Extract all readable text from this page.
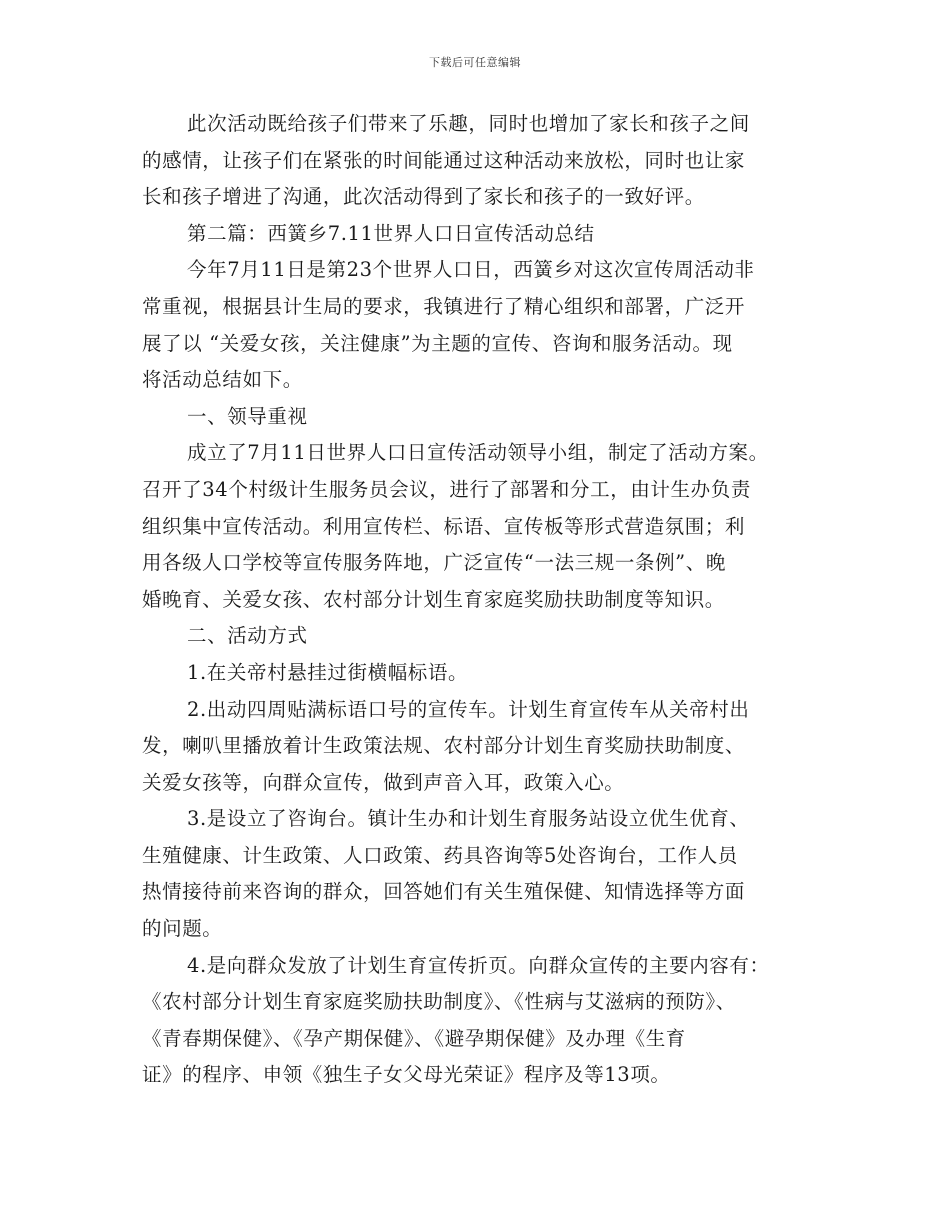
下载后可任意编辑
此次活动既给孩子们带来了乐趣，同时也增加了家长和孩子之间
的感情，让孩子们在紧张的时间能通过这种活动来放松，同时也让家
长和孩子增进了沟通，此次活动得到了家长和孩子的一致好评。
第二篇：西簧乡7.11世界人口日宣传活动总结
今年7月11日是第23个世界人口日，西簧乡对这次宣传周活动非
常重视，根据县计生局的要求，我镇进行了精心组织和部署，广泛开
展了以 “关爱女孩，关注健康”为主题的宣传、咨询和服务活动。现
将活动总结如下。
一、领导重视
成立了7月11日世界人口日宣传活动领导小组，制定了活动方案。
召开了34个村级计生服务员会议，进行了部署和分工，由计生办负责
组织集中宣传活动。利用宣传栏、标语、宣传板等形式营造氛围；利
用各级人口学校等宣传服务阵地，广泛宣传“一法三规一条例”、晚
婚晚育、关爱女孩、农村部分计划生育家庭奖励扶助制度等知识。
二、活动方式
1.在关帝村悬挂过街横幅标语。
2.出动四周贴满标语口号的宣传车。计划生育宣传车从关帝村出
发，喇叭里播放着计生政策法规、农村部分计划生育奖励扶助制度、
关爱女孩等，向群众宣传，做到声音入耳，政策入心。
3.是设立了咨询台。镇计生办和计划生育服务站设立优生优育、
生殖健康、计生政策、人口政策、药具咨询等5处咨询台，工作人员
热情接待前来咨询的群众，回答她们有关生殖保健、知情选择等方面
的问题。
4.是向群众发放了计划生育宣传折页。向群众宣传的主要内容有：
《农村部分计划生育家庭奖励扶助制度》、《性病与艾滋病的预防》、
《青春期保健》、《孕产期保健》、《避孕期保健》及办理《生育
证》的程序、申领《独生子女父母光荣证》程序及等13项。
